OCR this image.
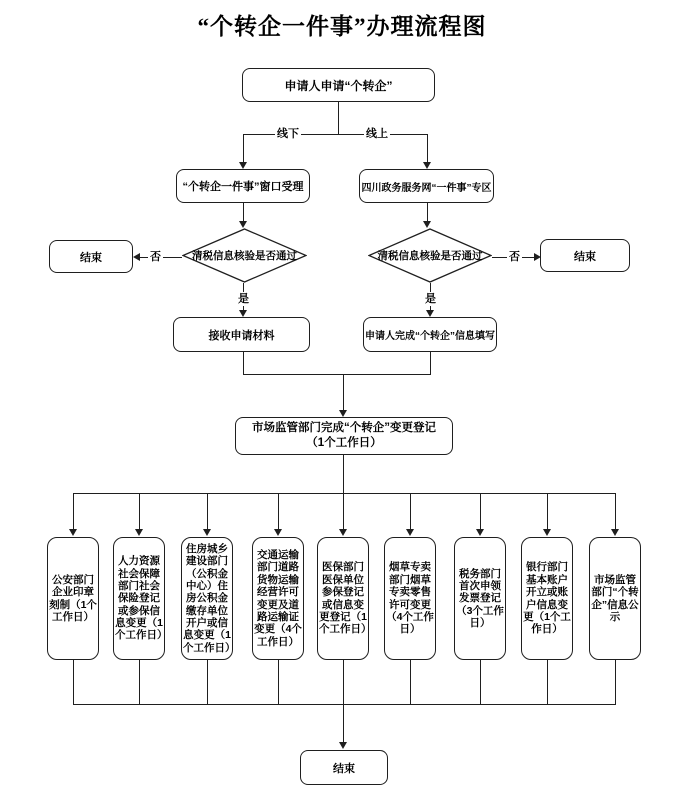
“个转企一件事”办理流程图
线下	线上
否	否
是	是
申请人申请“个转企”
“个转企一件事”窗口受理	四川政务服务网“一件事”专区
清税信息核验是否通过	清税信息核验是否通过
结束	结束
接收申请材料	申请人完成“个转企”信息填写
市场监管部门完成“个转企”变更登记
（1个工作日）
公安部门企业印章刻制（1个工作日）
人力资源社会保障部门社会保险登记或参保信息变更（1个工作日）
住房城乡建设部门（公积金中心）住房公积金缴存单位开户或信息变更（1个工作日）
交通运输部门道路货物运输经营许可变更及道路运输证变更（4个工作日）
医保部门医保单位参保登记或信息变更登记（1个工作日）
烟草专卖部门烟草专卖零售许可变更（4个工作日）
税务部门首次申领发票登记（3个工作日）
银行部门基本账户开立或账户信息变更（1个工作日）
市场监管部门“个转企”信息公示
结束
